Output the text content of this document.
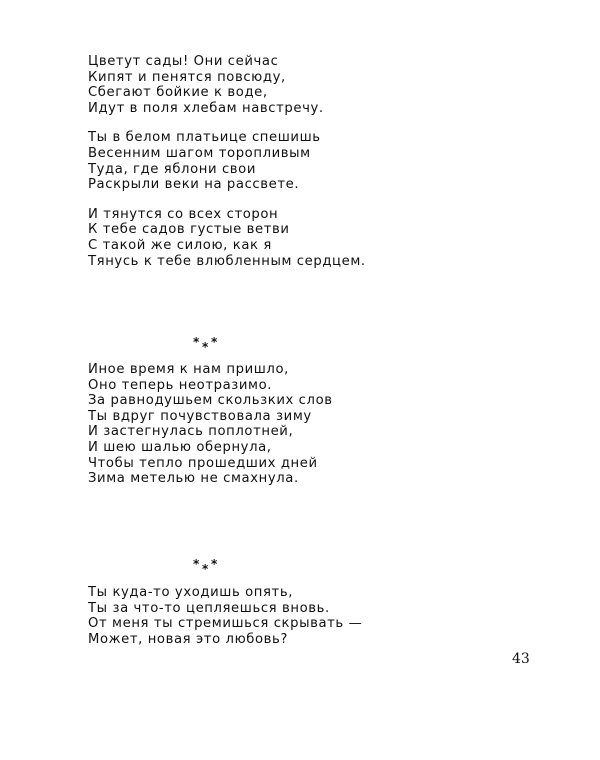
Цветут сады! Они сейчас
Кипят и пенятся повсюду,
Сбегают бойкие к воде,
Идут в поля хлебам навстречу.
Ты в белом платьице спешишь
Весенним шагом торопливым
Туда, где яблони свои
Раскрыли веки на рассвете.
И тянутся со всех сторон
К тебе садов густые ветви
С такой же силою, как я
Тянусь к тебе влюбленным сердцем.
* * *
Иное время к нам пришло,
Оно теперь неотразимо.
За равнодушьем скользких слов
Ты вдруг почувствовала зиму
И застегнулась поплотней,
И шею шалью обернула,
Чтобы тепло прошедших дней
Зима метелью не смахнула.
* * *
Ты куда-то уходишь опять,
Ты за что-то цепляешься вновь.
От меня ты стремишься скрывать —
Может, новая это любовь?
43
